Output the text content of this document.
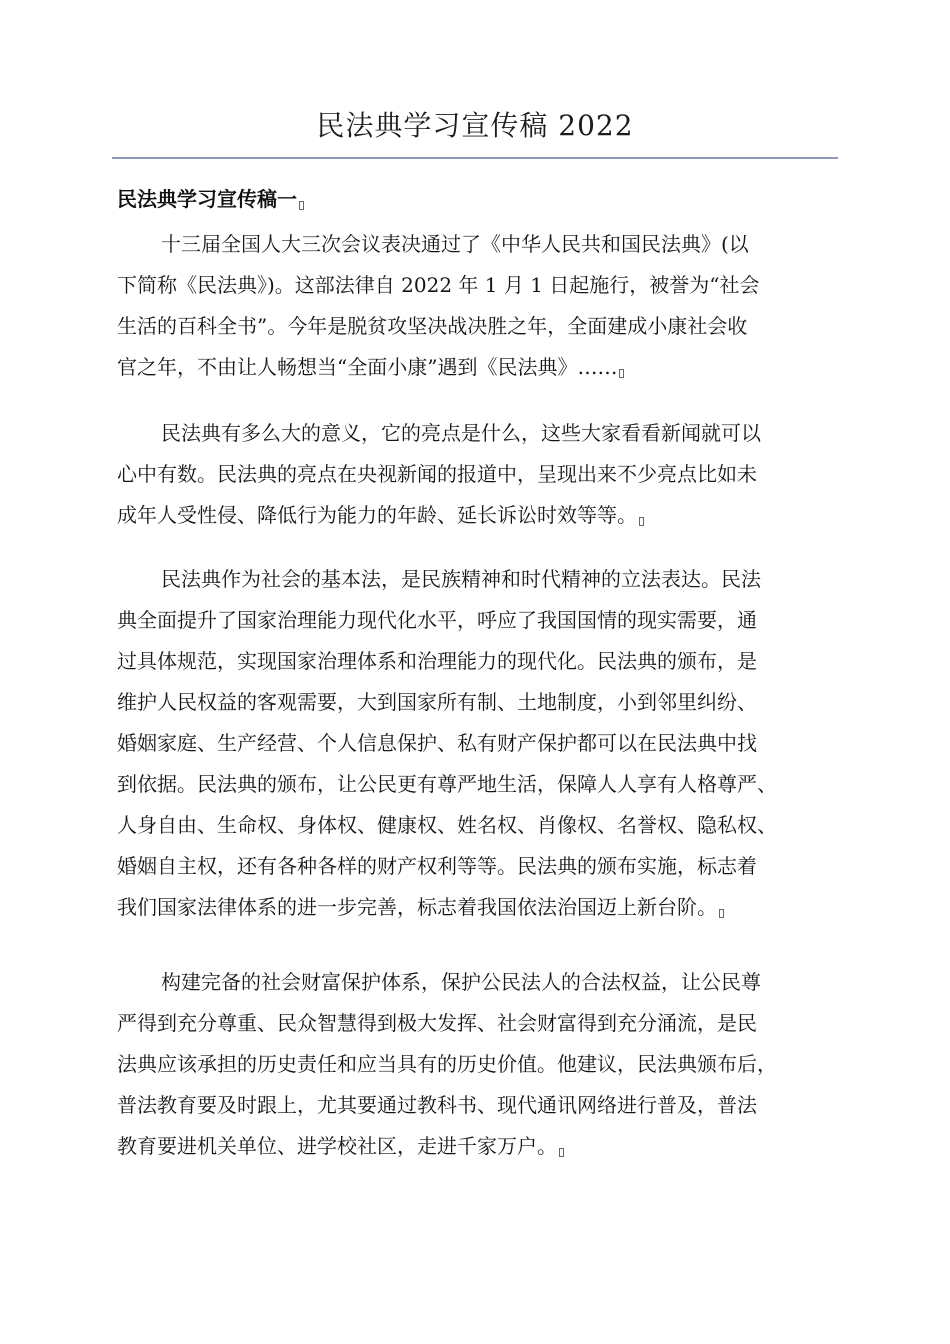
民法典学习宣传稿 2022
民法典学习宣传稿一
十三届全国人大三次会议表决通过了《中华人民共和国民法典》(以
下简称《民法典》)。这部法律自 2022 年 1 月 1 日起施行，被誉为“社会
生活的百科全书”。今年是脱贫攻坚决战决胜之年，全面建成小康社会收
官之年，不由让人畅想当“全面小康”遇到《民法典》……
民法典有多么大的意义，它的亮点是什么，这些大家看看新闻就可以
心中有数。民法典的亮点在央视新闻的报道中，呈现出来不少亮点比如未
成年人受性侵、降低行为能力的年龄、延长诉讼时效等等。
民法典作为社会的基本法，是民族精神和时代精神的立法表达。民法
典全面提升了国家治理能力现代化水平，呼应了我国国情的现实需要，通
过具体规范，实现国家治理体系和治理能力的现代化。民法典的颁布，是
维护人民权益的客观需要，大到国家所有制、土地制度，小到邻里纠纷、
婚姻家庭、生产经营、个人信息保护、私有财产保护都可以在民法典中找
到依据。民法典的颁布，让公民更有尊严地生活，保障人人享有人格尊严、
人身自由、生命权、身体权、健康权、姓名权、肖像权、名誉权、隐私权、
婚姻自主权，还有各种各样的财产权利等等。民法典的颁布实施，标志着
我们国家法律体系的进一步完善，标志着我国依法治国迈上新台阶。
构建完备的社会财富保护体系，保护公民法人的合法权益，让公民尊
严得到充分尊重、民众智慧得到极大发挥、社会财富得到充分涌流，是民
法典应该承担的历史责任和应当具有的历史价值。他建议，民法典颁布后，
普法教育要及时跟上，尤其要通过教科书、现代通讯网络进行普及，普法
教育要进机关单位、进学校社区，走进千家万户。
